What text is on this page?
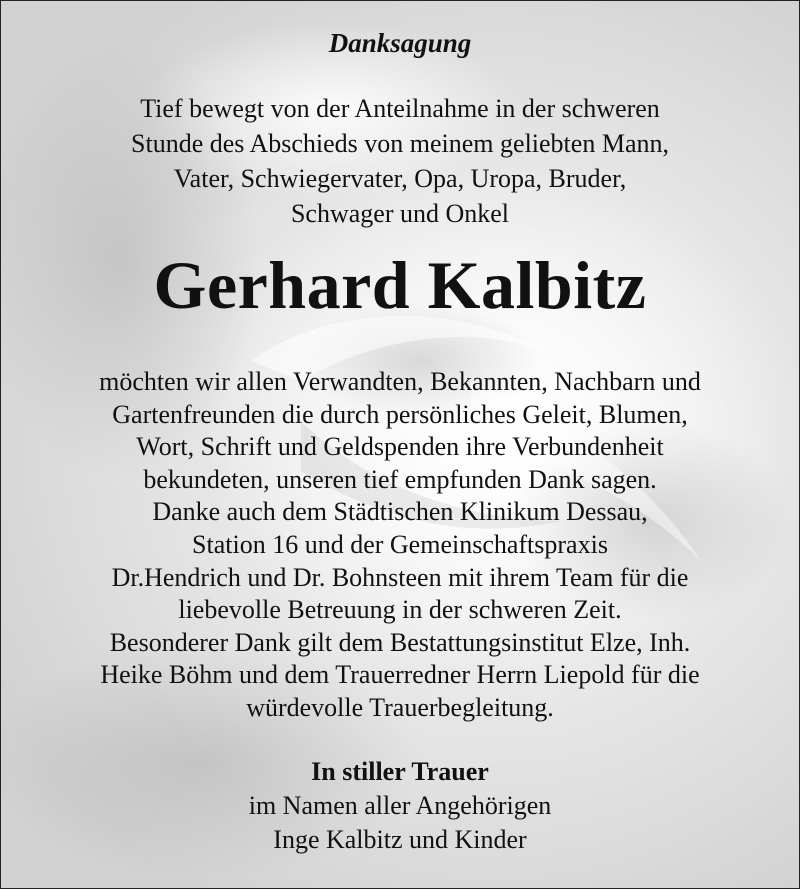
Danksagung
Tief bewegt von der Anteilnahme in der schweren
Stunde des Abschieds von meinem geliebten Mann,
Vater, Schwiegervater, Opa, Uropa, Bruder,
Schwager und Onkel
Gerhard Kalbitz
möchten wir allen Verwandten, Bekannten, Nachbarn und
Gartenfreunden die durch persönliches Geleit, Blumen,
Wort, Schrift und Geldspenden ihre Verbundenheit
bekundeten, unseren tief empfunden Dank sagen.
Danke auch dem Städtischen Klinikum Dessau,
Station 16 und der Gemeinschaftspraxis
Dr.Hendrich und Dr. Bohnsteen mit ihrem Team für die
liebevolle Betreuung in der schweren Zeit.
Besonderer Dank gilt dem Bestattungsinstitut Elze, Inh.
Heike Böhm und dem Trauerredner Herrn Liepold für die
würdevolle Trauerbegleitung.
In stiller Trauer
im Namen aller Angehörigen
Inge Kalbitz und Kinder
